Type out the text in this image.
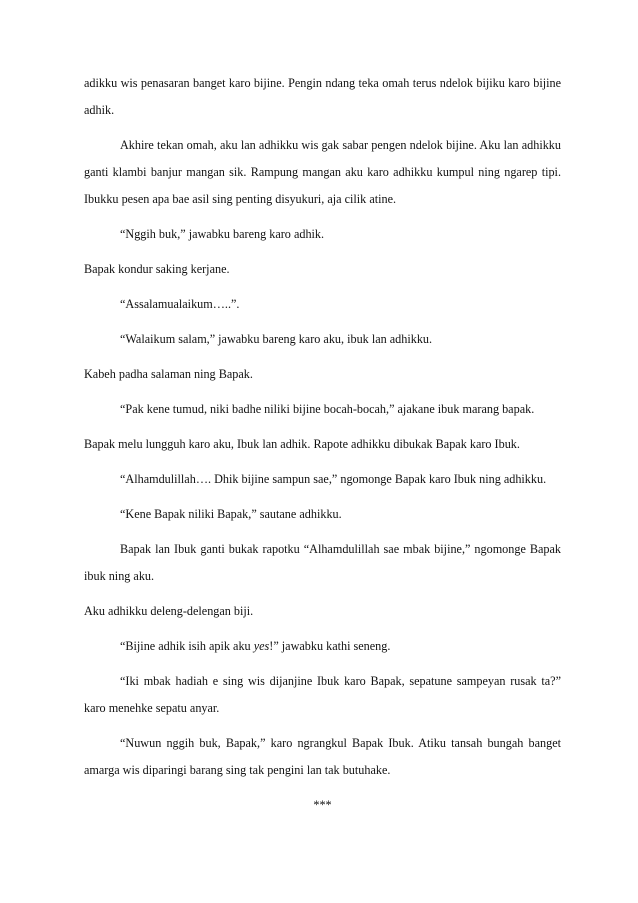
adikku wis penasaran banget karo bijine. Pengin ndang teka omah terus ndelok bijiku karo bijine adhik.

Akhire tekan omah, aku lan adhikku wis gak sabar pengen ndelok bijine. Aku lan adhikku ganti klambi banjur mangan sik. Rampung mangan aku karo adhikku kumpul ning ngarep tipi. Ibukku pesen apa bae asil sing penting disyukuri, aja cilik atine.

“Nggih buk,” jawabku bareng karo adhik.

Bapak kondur saking kerjane.

“Assalamualaikum…..”.

“Walaikum salam,” jawabku bareng karo aku, ibuk lan adhikku.

Kabeh padha salaman ning Bapak.

“Pak kene tumud, niki badhe niliki bijine bocah-bocah,” ajakane ibuk marang bapak.

Bapak melu lungguh karo aku, Ibuk lan adhik. Rapote adhikku dibukak Bapak karo Ibuk.

“Alhamdulillah…. Dhik bijine sampun sae,” ngomonge Bapak karo Ibuk ning adhikku.

“Kene Bapak niliki Bapak,” sautane adhikku.

Bapak lan Ibuk ganti bukak rapotku “Alhamdulillah sae mbak bijine,” ngomonge Bapak ibuk ning aku.

Aku adhikku deleng-delengan biji.

“Bijine adhik isih apik aku yes!” jawabku kathi seneng.

“Iki mbak hadiah e sing wis dijanjine Ibuk karo Bapak, sepatune sampeyan rusak ta?” karo menehke sepatu anyar.

“Nuwun nggih buk, Bapak,” karo ngrangkul Bapak Ibuk. Atiku tansah bungah banget amarga wis diparingi barang sing tak pengini lan tak butuhake.

***
